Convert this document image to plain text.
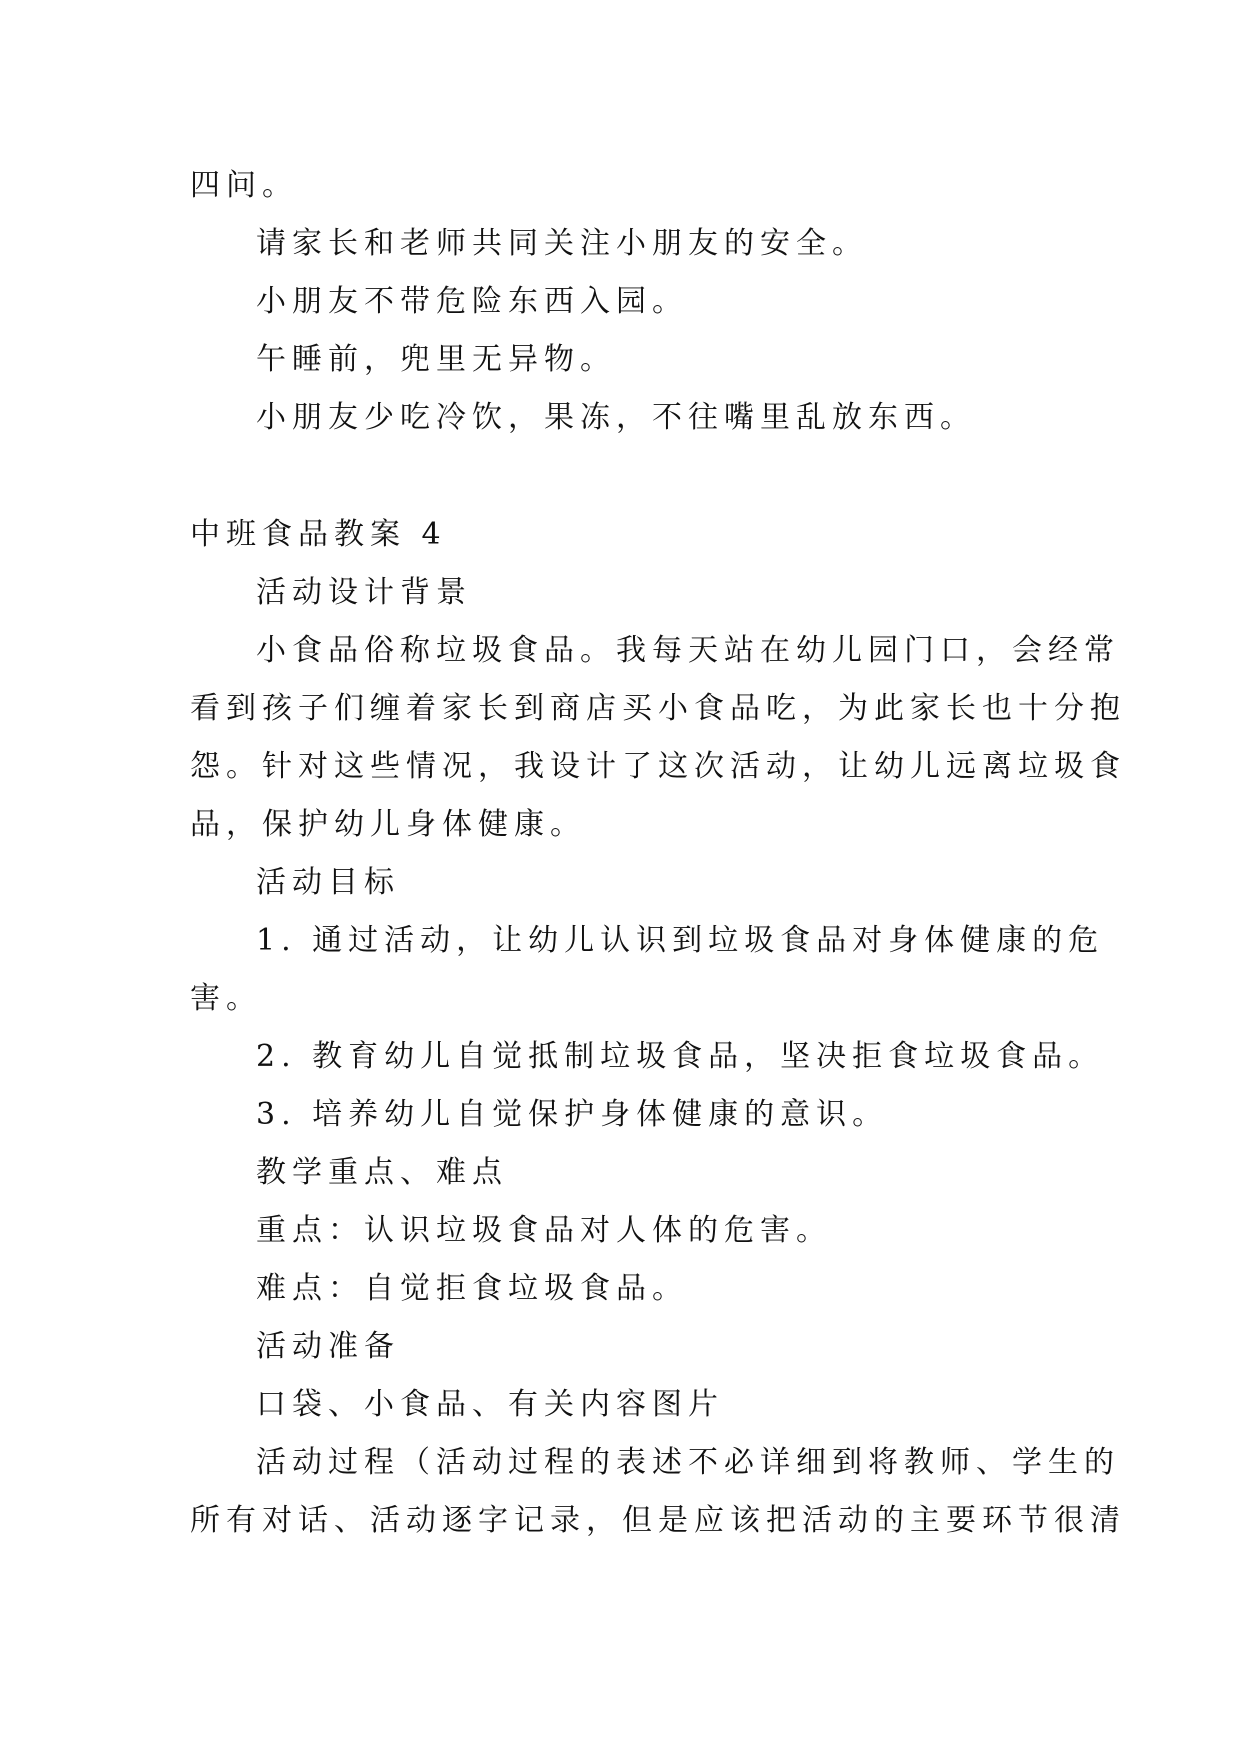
四问。
请家长和老师共同关注小朋友的安全。
小朋友不带危险东西入园。
午睡前，兜里无异物。
小朋友少吃冷饮，果冻，不往嘴里乱放东西。
中班食品教案 4
活动设计背景
小食品俗称垃圾食品。我每天站在幼儿园门口，会经常
看到孩子们缠着家长到商店买小食品吃，为此家长也十分抱
怨。针对这些情况，我设计了这次活动，让幼儿远离垃圾食
品，保护幼儿身体健康。
活动目标
1. 通过活动，让幼儿认识到垃圾食品对身体健康的危
害。
2. 教育幼儿自觉抵制垃圾食品，坚决拒食垃圾食品。
3. 培养幼儿自觉保护身体健康的意识。
教学重点、难点
重点：认识垃圾食品对人体的危害。
难点：自觉拒食垃圾食品。
活动准备
口袋、小食品、有关内容图片
活动过程（活动过程的表述不必详细到将教师、学生的
所有对话、活动逐字记录，但是应该把活动的主要环节很清
